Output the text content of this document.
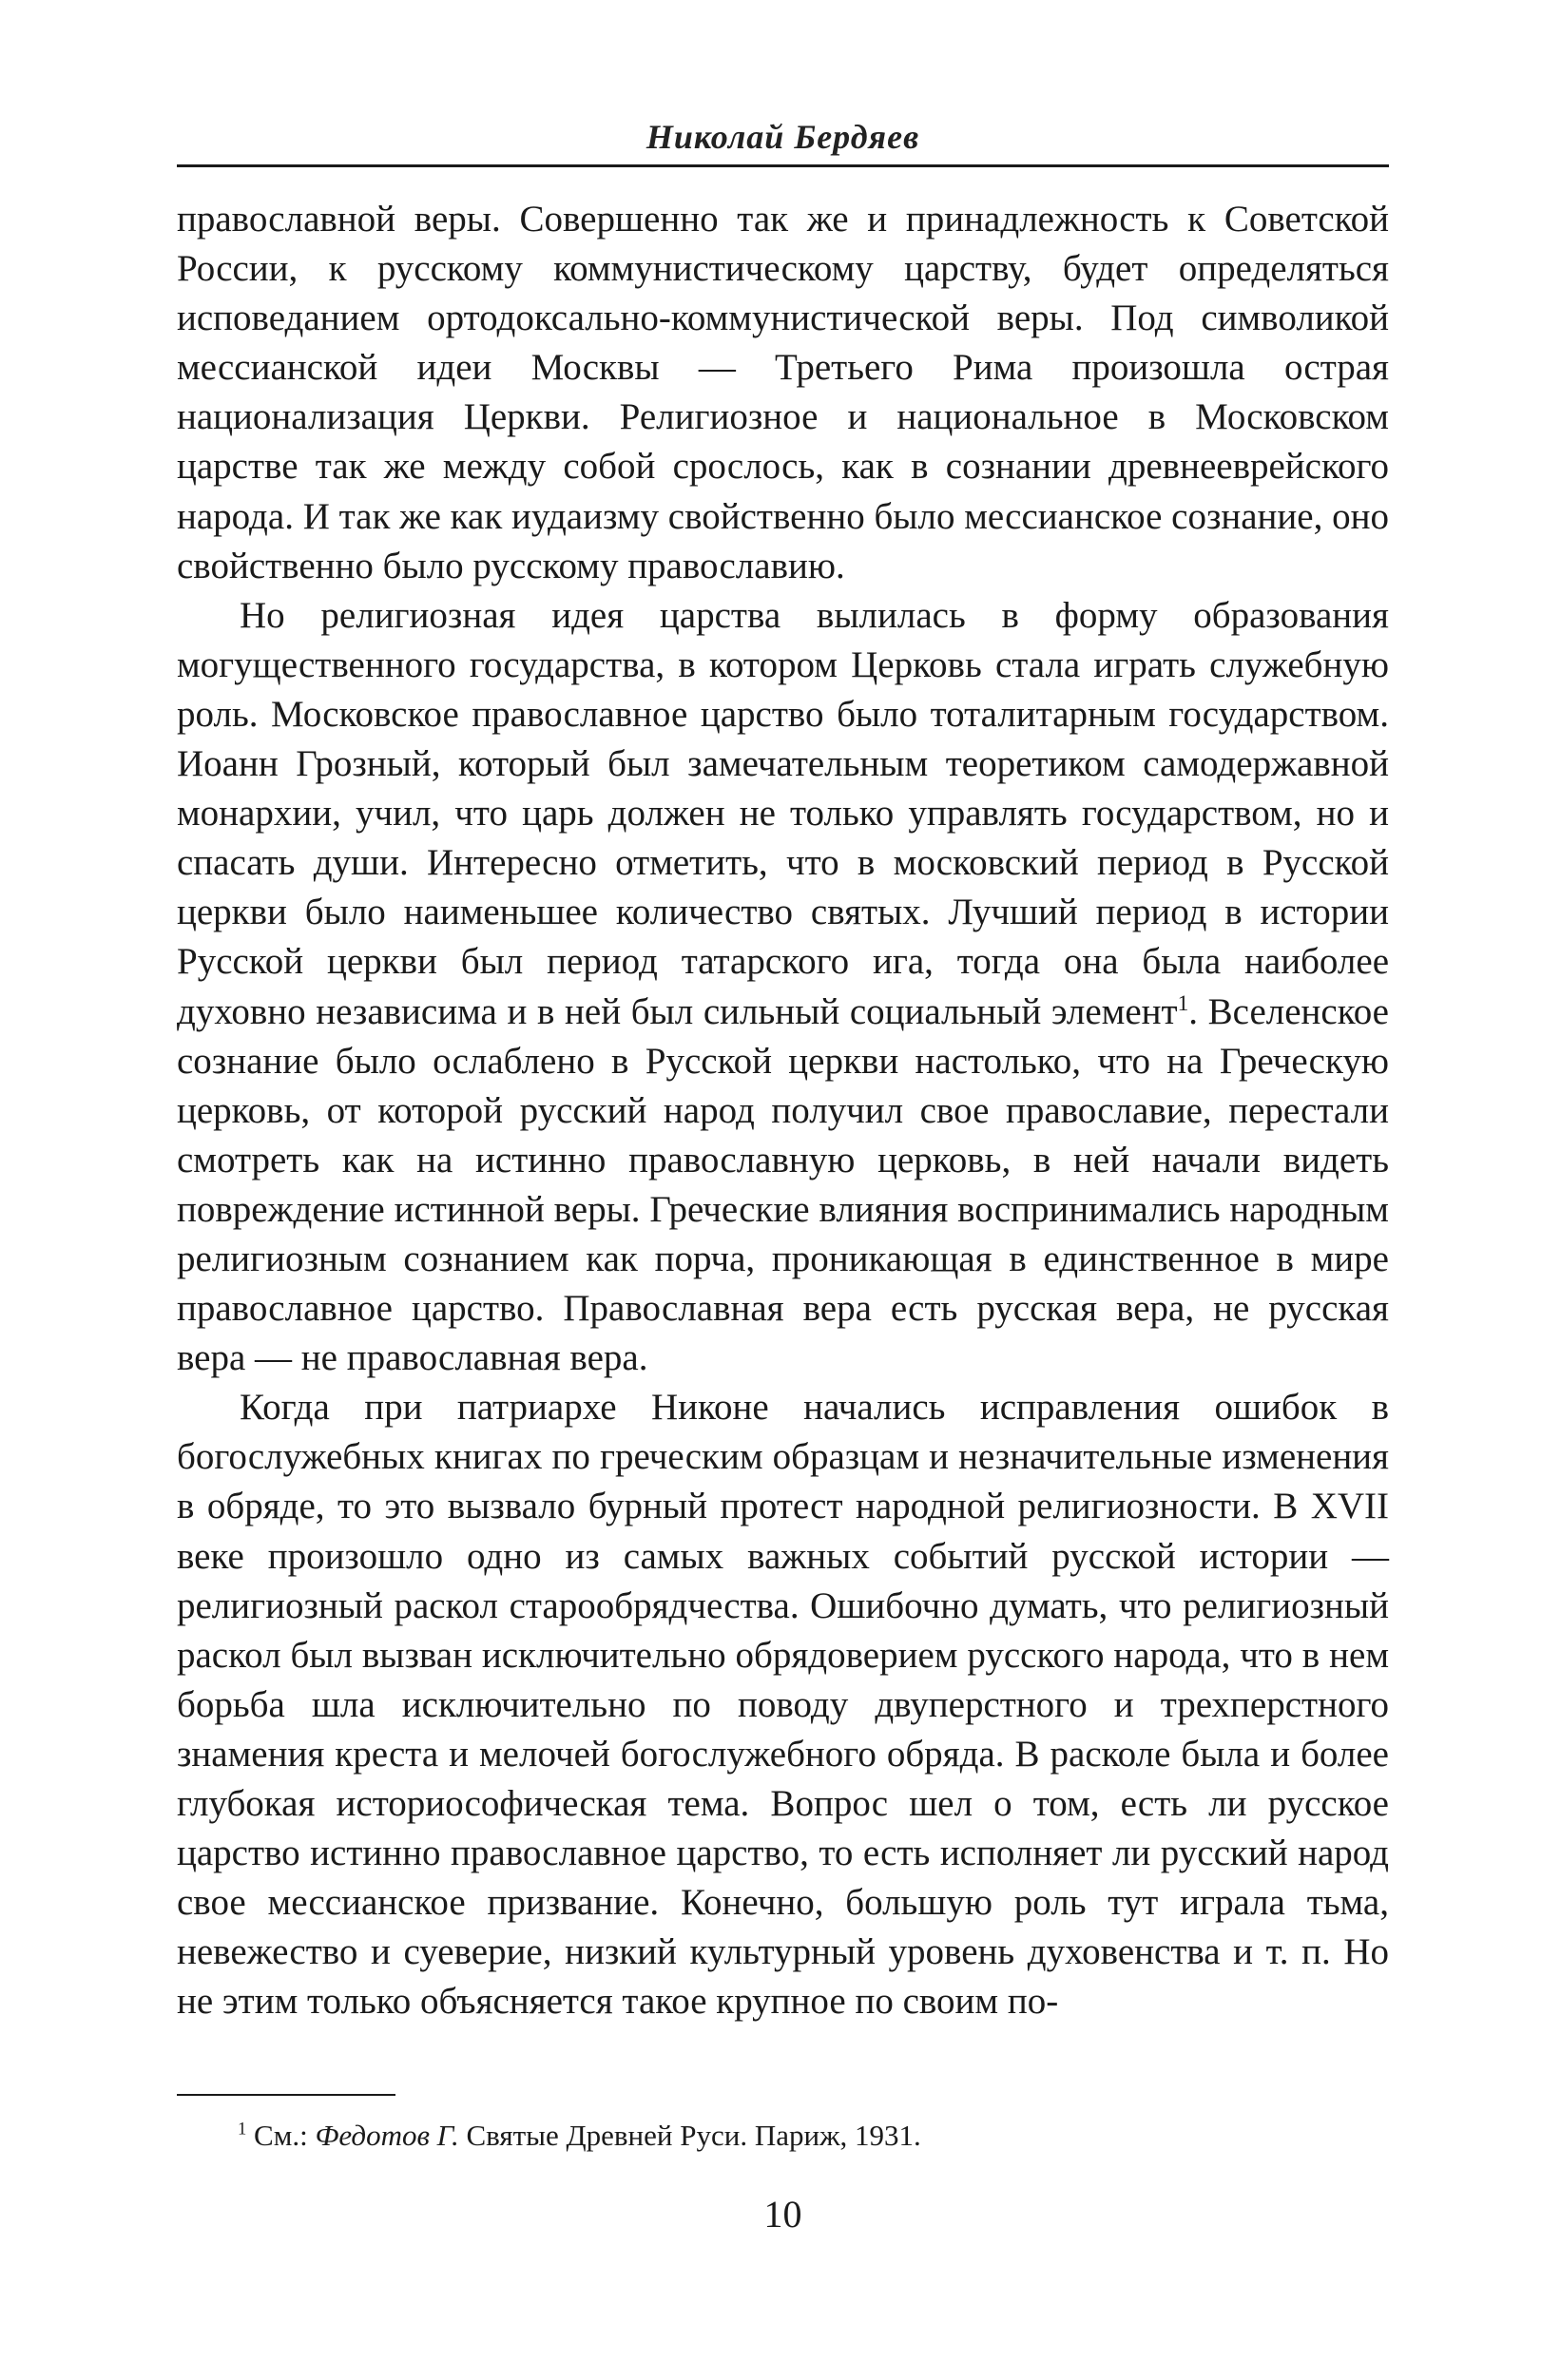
Николай Бердяев

православной веры. Совершенно так же и принадлежность к Советской России, к русскому коммунистическому царству, будет определяться исповеданием ортодоксально-коммунистической веры. Под символикой мессианской идеи Москвы — Третьего Рима произошла острая национализация Церкви. Религиозное и национальное в Московском царстве так же между собой срослось, как в сознании древнееврейского народа. И так же как иудаизму свойственно было мессианское сознание, оно свойственно было русскому православию.

Но религиозная идея царства вылилась в форму образования могущественного государства, в котором Церковь стала играть служебную роль. Московское православное царство было тоталитарным государством. Иоанн Грозный, который был замечательным теоретиком самодержавной монархии, учил, что царь должен не только управлять государством, но и спасать души. Интересно отметить, что в московский период в Русской церкви было наименьшее количество святых. Лучший период в истории Русской церкви был период татарского ига, тогда она была наиболее духовно независима и в ней был сильный социальный элемент$^1$. Вселенское сознание было ослаблено в Русской церкви настолько, что на Греческую церковь, от которой русский народ получил свое православие, перестали смотреть как на истинно православную церковь, в ней начали видеть повреждение истинной веры. Греческие влияния воспринимались народным религиозным сознанием как порча, проникающая в единственное в мире православное царство. Православная вера есть русская вера, не русская вера — не православная вера.

Когда при патриархе Никоне начались исправления ошибок в богослужебных книгах по греческим образцам и незначительные изменения в обряде, то это вызвало бурный протест народной религиозности. В XVII веке произошло одно из самых важных событий русской истории — религиозный раскол старообрядчества. Ошибочно думать, что религиозный раскол был вызван исключительно обрядоверием русского народа, что в нем борьба шла исключительно по поводу двуперстного и трехперстного знамения креста и мелочей богослужебного обряда. В расколе была и более глубокая историософическая тема. Вопрос шел о том, есть ли русское царство истинно православное царство, то есть исполняет ли русский народ свое мессианское призвание. Конечно, большую роль тут играла тьма, невежество и суеверие, низкий культурный уровень духовенства и т. п. Но не этим только объясняется такое крупное по своим по-

$^1$ См.: Федотов Г. Святые Древней Руси. Париж, 1931.
10
